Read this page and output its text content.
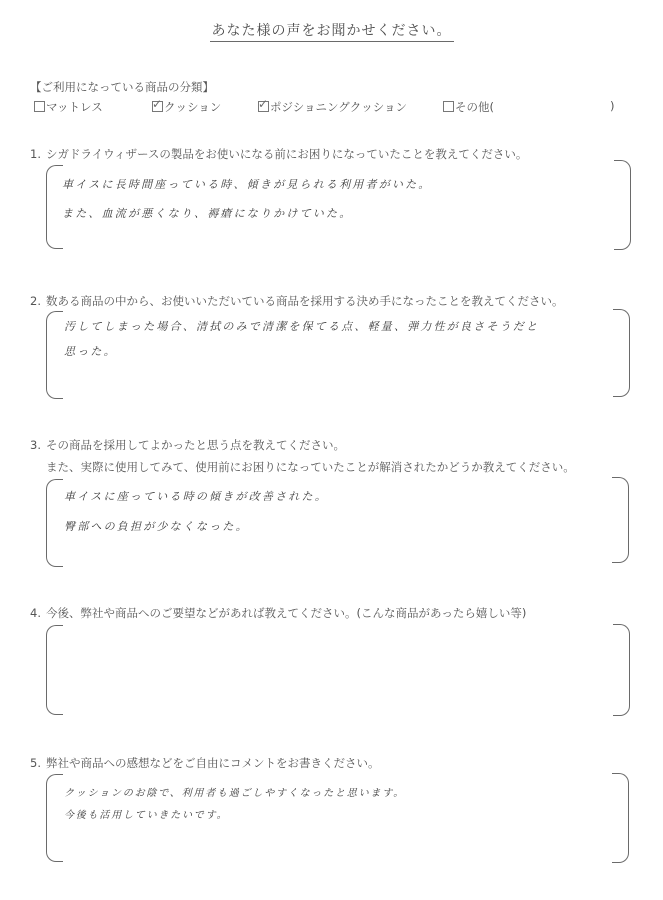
あなた様の声をお聞かせください。
【ご利用になっている商品の分類】
マットレス	✓ クッション	✓ ポジショニングクッション	その他(	)
1. シガドライウィザースの製品をお使いになる前にお困りになっていたことを教えてください。
車イスに長時間座っている時、傾きが見られる利用者がいた。
また、血流が悪くなり、褥瘡になりかけていた。
2. 数ある商品の中から、お使いいただいている商品を採用する決め手になったことを教えてください。
汚してしまった場合、清拭のみで清潔を保てる点、軽量、弾力性が良さそうだと
思った。
3. その商品を採用してよかったと思う点を教えてください。
また、実際に使用してみて、使用前にお困りになっていたことが解消されたかどうか教えてください。
車イスに座っている時の傾きが改善された。
臀部への負担が少なくなった。
4. 今後、弊社や商品へのご要望などがあれば教えてください。(こんな商品があったら嬉しい等)
5. 弊社や商品への感想などをご自由にコメントをお書きください。
クッションのお陰で、利用者も過ごしやすくなったと思います。
今後も活用していきたいです。
